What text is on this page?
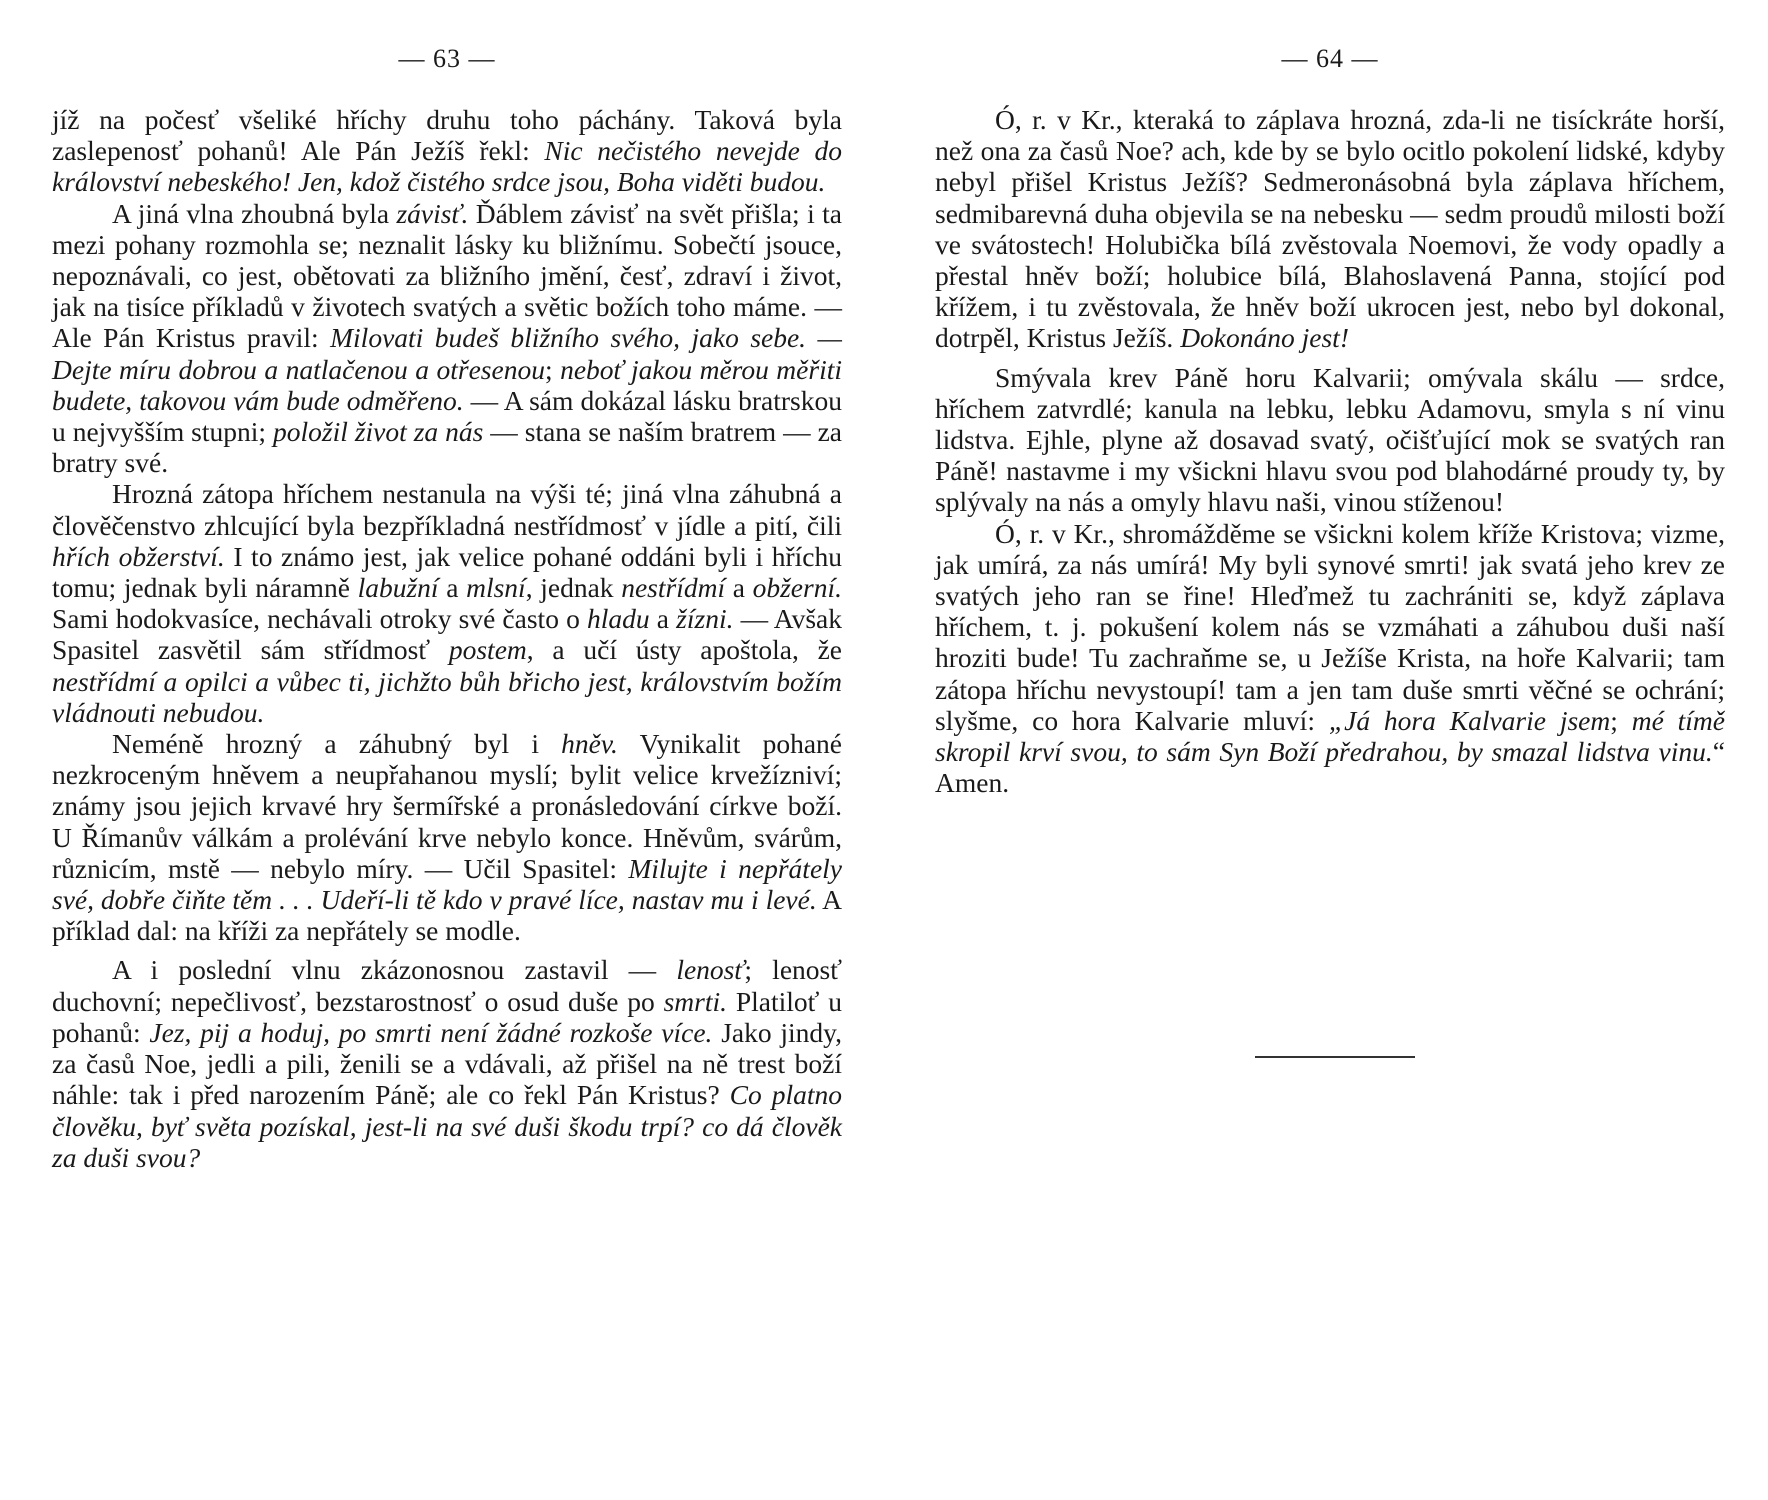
— 63 —

jíž na počesť všeliké hříchy druhu toho páchány. Taková byla zaslepenosť pohanů! Ale Pán Ježíš řekl: Nic nečistého nevejde do království nebeského! Jen, kdož čistého srdce jsou, Boha viděti budou.

A jiná vlna zhoubná byla závisť. Ďáblem závisť na svět přišla; i ta mezi pohany rozmohla se; neznalit lásky ku bližnímu. Sobečtí jsouce, nepoznávali, co jest, obětovati za bližního jmění, česť, zdraví i život, jak na tisíce příkladů v životech svatých a světic božích toho máme. — Ale Pán Kristus pravil: Milovati budeš bližního svého, jako sebe. — Dejte míru dobrou a natlačenou a otřesenou; neboť jakou měrou měřiti budete, takovou vám bude odměřeno. — A sám dokázal lásku bratrskou u nejvyšším stupni; položil život za nás — stana se naším bratrem — za bratry své.

Hrozná zátopa hříchem nestanula na výši té; jiná vlna záhubná a člověčenstvo zhlcující byla bezpříkladná nestřídmosť v jídle a pití, čili hřích obžerství. I to známo jest, jak velice pohané oddáni byli i hříchu tomu; jednak byli náramně labužní a mlsní, jednak nestřídmí a obžerní. Sami hodokvasíce, nechávali otroky své často o hladu a žízni. — Avšak Spasitel zasvětil sám střídmosť postem, a učí ústy apoštola, že nestřídmí a opilci a vůbec ti, jichžto bůh břicho jest, královstvím božím vládnouti nebudou.

Neméně hrozný a záhubný byl i hněv. Vynikalit pohané nezkroceným hněvem a neupřahanou myslí; bylit velice krvežízniví; známy jsou jejich krvavé hry šermířské a pronásledování církve boží. U Římanův válkám a prolévání krve nebylo konce. Hněvům, svárům, různicím, mstě — nebylo míry. — Učil Spasitel: Milujte i nepřátely své, dobře čiňte těm . . . Udeří-li tě kdo v pravé líce, nastav mu i levé. A příklad dal: na kříži za nepřátely se modle.

A i poslední vlnu zkázonosnou zastavil — lenosť; lenosť duchovní; nepečlivosť, bezstarostnosť o osud duše po smrti. Platiloť u pohanů: Jez, pij a hoduj, po smrti není žádné rozkoše více. Jako jindy, za časů Noe, jedli a pili, ženili se a vdávali, až přišel na ně trest boží náhle: tak i před narozením Páně; ale co řekl Pán Kristus? Co platno člověku, byť světa pozískal, jest-li na své duši škodu trpí? co dá člověk za duši svou?

— 64 —

Ó, r. v Kr., kteraká to záplava hrozná, zda-li ne tisíckráte horší, než ona za časů Noe? ach, kde by se bylo ocitlo pokolení lidské, kdyby nebyl přišel Kristus Ježíš? Sedmeronásobná byla záplava hříchem, sedmibarevná duha objevila se na nebesku — sedm proudů milosti boží ve svátostech! Holubička bílá zvěstovala Noemovi, že vody opadly a přestal hněv boží; holubice bílá, Blahoslavená Panna, stojící pod křížem, i tu zvěstovala, že hněv boží ukrocen jest, nebo byl dokonal, dotrpěl, Kristus Ježíš. Dokonáno jest!

Smývala krev Páně horu Kalvarii; omývala skálu — srdce, hříchem zatvrdlé; kanula na lebku, lebku Adamovu, smyla s ní vinu lidstva. Ejhle, plyne až dosavad svatý, očišťující mok se svatých ran Páně! nastavme i my všickni hlavu svou pod blahodárné proudy ty, by splývaly na nás a omyly hlavu naši, vinou stíženou!

Ó, r. v Kr., shromážděme se všickni kolem kříže Kristova; vizme, jak umírá, za nás umírá! My byli synové smrti! jak svatá jeho krev ze svatých jeho ran se řine! Hleďmež tu zachrániti se, když záplava hříchem, t. j. pokušení kolem nás se vzmáhati a záhubou duši naší hroziti bude! Tu zachraňme se, u Ježíše Krista, na hoře Kalvarii; tam zátopa hříchu nevystoupí! tam a jen tam duše smrti věčné se ochrání; slyšme, co hora Kalvarie mluví: „Já hora Kalvarie jsem; mé tímě skropil krví svou, to sám Syn Boží předrahou, by smazal lidstva vinu.“ Amen.
